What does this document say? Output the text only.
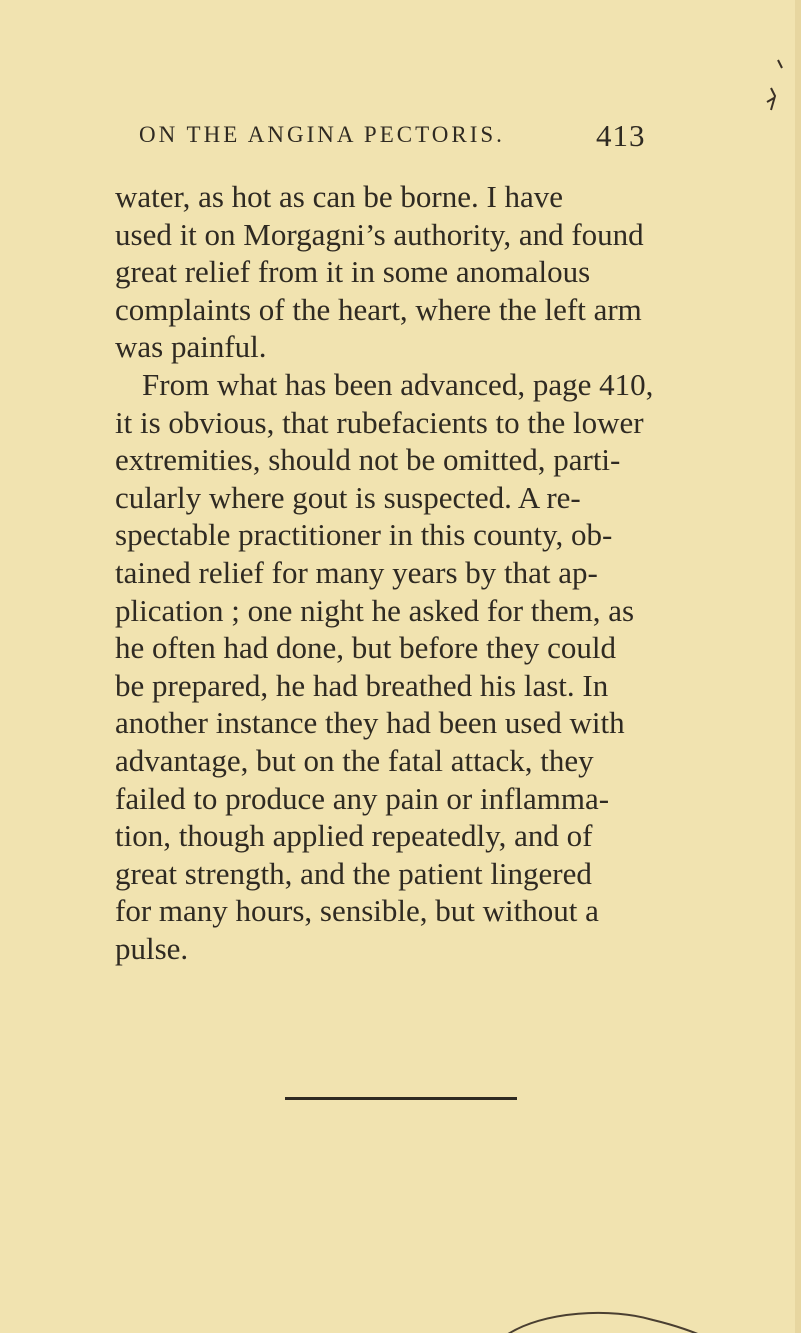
ON THE ANGINA PECTORIS.	413
water, as hot as can be borne. I have
used it on Morgagni’s authority, and found
great relief from it in some anomalous
complaints of the heart, where the left arm
was painful.
From what has been advanced, page 410,
it is obvious, that rubefacients to the lower
extremities, should not be omitted, parti-
cularly where gout is suspected. A re-
spectable practitioner in this county, ob-
tained relief for many years by that ap-
plication ; one night he asked for them, as
he often had done, but before they could
be prepared, he had breathed his last. In
another instance they had been used with
advantage, but on the fatal attack, they
failed to produce any pain or inflamma-
tion, though applied repeatedly, and of
great strength, and the patient lingered
for many hours, sensible, but without a
pulse.
